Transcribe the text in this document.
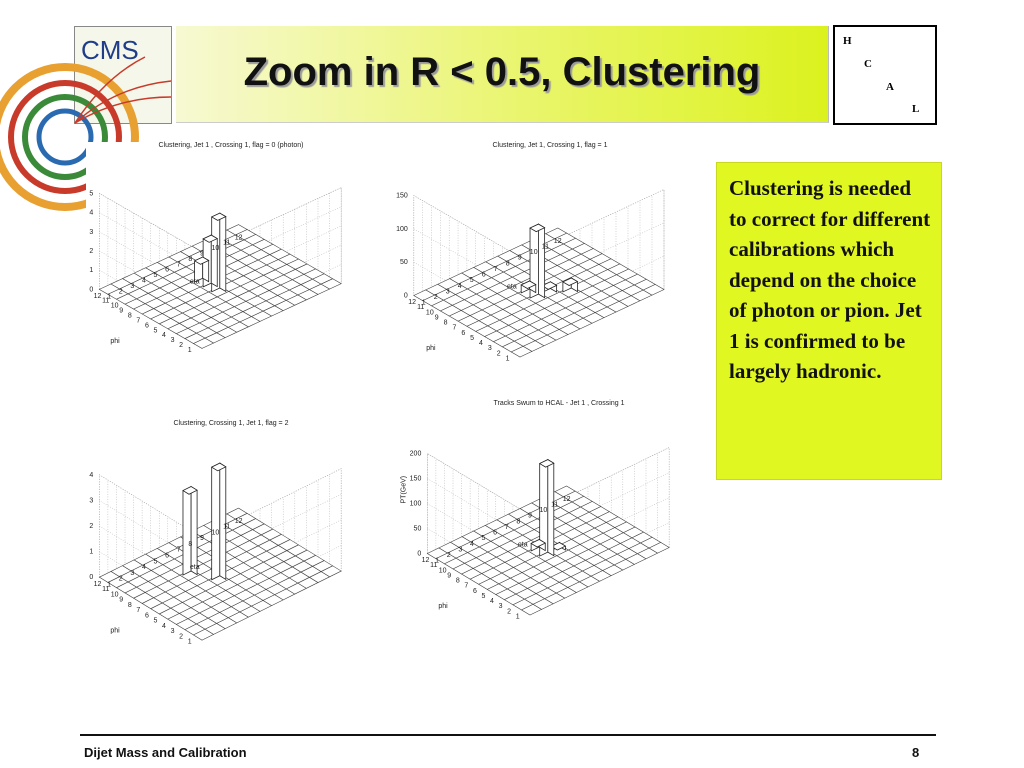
CMS	Zoom in R < 0.5, Clustering
H
C
A
L
Clustering, Jet 1 , Crossing 1, flag = 0 (photon)
0
1
2
3
4
5
1
2
3
4
5
6
7
8
9
10
11
12
1
2
3
4
5
6
7
8
9
10
11
12
eta
phi
Clustering, Jet 1, Crossing 1, flag = 1
0
50
100
150
1
2
3
4
5
6
7
8
9
10
11
12
1
2
3
4
5
6
7
8
9
10
11
12
eta
phi
Clustering, Crossing 1, Jet 1, flag = 2
0
1
2
3
4
1
2
3
4
5
6
7
8
9
10
11
12
1
2
3
4
5
6
7
8
9
10
11
12
eta
phi
Tracks Swum to HCAL - Jet 1 , Crossing 1
0
50
100
150
200
1
2
3
4
5
6
7
8
9
10
11
12
1
2
3
4
5
6
7
8
9
10
11
12
eta
phi
PT(GeV)
Clustering is needed to correct for different calibrations which depend on the choice of photon or pion. Jet 1 is confirmed to be largely hadronic.
Dijet Mass and Calibration	8
